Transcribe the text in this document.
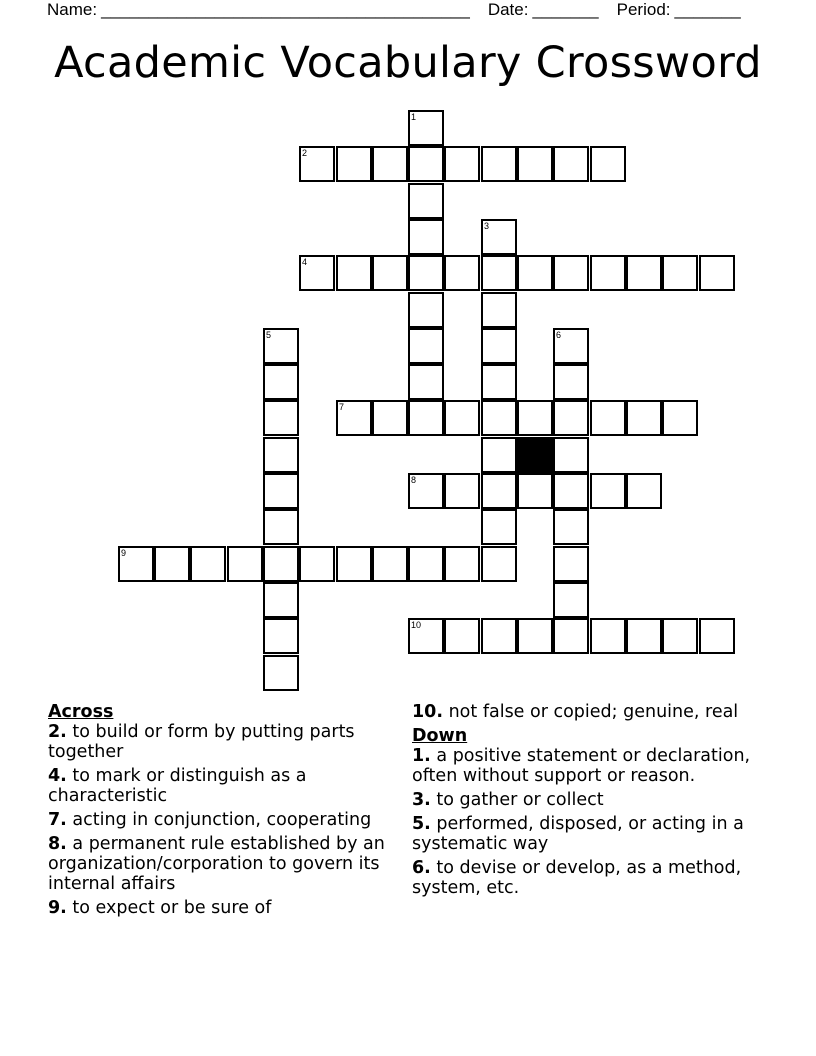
Name: _______________________________________ Date: _______ Period: _______
Academic Vocabulary Crossword
1
2
3
4
5	6
7
8
9
10

Across

2. to build or form by putting parts together

4. to mark or distinguish as a characteristic

7. acting in conjunction, cooperating

8. a permanent rule established by an organization/corporation to govern its internal affairs

9. to expect or be sure of

10. not false or copied; genuine, real

Down

1. a positive statement or declaration, often without support or reason.

3. to gather or collect

5. performed, disposed, or acting in a systematic way

6. to devise or develop, as a method, system, etc.
